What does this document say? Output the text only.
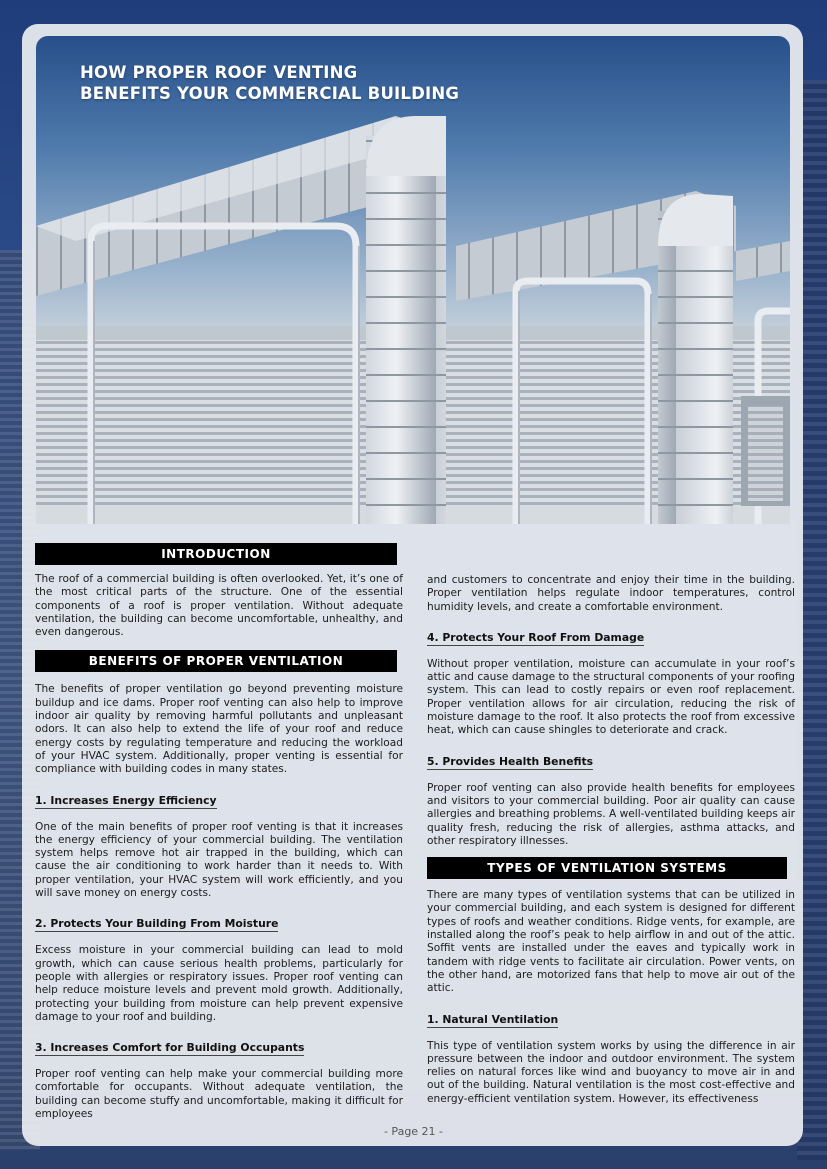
HOW PROPER ROOF VENTING
BENEFITS YOUR COMMERCIAL BUILDING
INTRODUCTION

The roof of a commercial building is often overlooked. Yet, it’s one of the most critical parts of the structure. One of the essential components of a roof is proper ventilation. Without adequate ventilation, the building can become uncomfortable, unhealthy, and even dangerous.

BENEFITS OF PROPER VENTILATION

The benefits of proper ventilation go beyond preventing moisture buildup and ice dams. Proper roof venting can also help to improve indoor air quality by removing harmful pollutants and unpleasant odors. It can also help to extend the life of your roof and reduce energy costs by regulating temperature and reducing the workload of your HVAC system. Additionally, proper venting is essential for compliance with building codes in many states.

1. Increases Energy Efficiency

One of the main benefits of proper roof venting is that it increases the energy efficiency of your commercial building. The ventilation system helps remove hot air trapped in the building, which can cause the air conditioning to work harder than it needs to. With proper ventilation, your HVAC system will work efficiently, and you will save money on energy costs.

2. Protects Your Building From Moisture

Excess moisture in your commercial building can lead to mold growth, which can cause serious health problems, particularly for people with allergies or respiratory issues. Proper roof venting can help reduce moisture levels and prevent mold growth. Additionally, protecting your building from moisture can help prevent expensive damage to your roof and building.

3. Increases Comfort for Building Occupants

Proper roof venting can help make your commercial building more comfortable for occupants. Without adequate ventilation, the building can become stuffy and uncomfortable, making it difficult for employees

and customers to concentrate and enjoy their time in the building. Proper ventilation helps regulate indoor temperatures, control humidity levels, and create a comfortable environment.

4. Protects Your Roof From Damage

Without proper ventilation, moisture can accumulate in your roof’s attic and cause damage to the structural components of your roofing system. This can lead to costly repairs or even roof replacement. Proper ventilation allows for air circulation, reducing the risk of moisture damage to the roof. It also protects the roof from excessive heat, which can cause shingles to deteriorate and crack.

5. Provides Health Benefits

Proper roof venting can also provide health benefits for employees and visitors to your commercial building. Poor air quality can cause allergies and breathing problems. A well-ventilated building keeps air quality fresh, reducing the risk of allergies, asthma attacks, and other respiratory illnesses.

TYPES OF VENTILATION SYSTEMS

There are many types of ventilation systems that can be utilized in your commercial building, and each system is designed for different types of roofs and weather conditions. Ridge vents, for example, are installed along the roof’s peak to help airflow in and out of the attic. Soffit vents are installed under the eaves and typically work in tandem with ridge vents to facilitate air circulation. Power vents, on the other hand, are motorized fans that help to move air out of the attic.

1. Natural Ventilation

This type of ventilation system works by using the difference in air pressure between the indoor and outdoor environment. The system relies on natural forces like wind and buoyancy to move air in and out of the building. Natural ventilation is the most cost-effective and energy-efficient ventilation system. However, its effectiveness

- Page 21 -
